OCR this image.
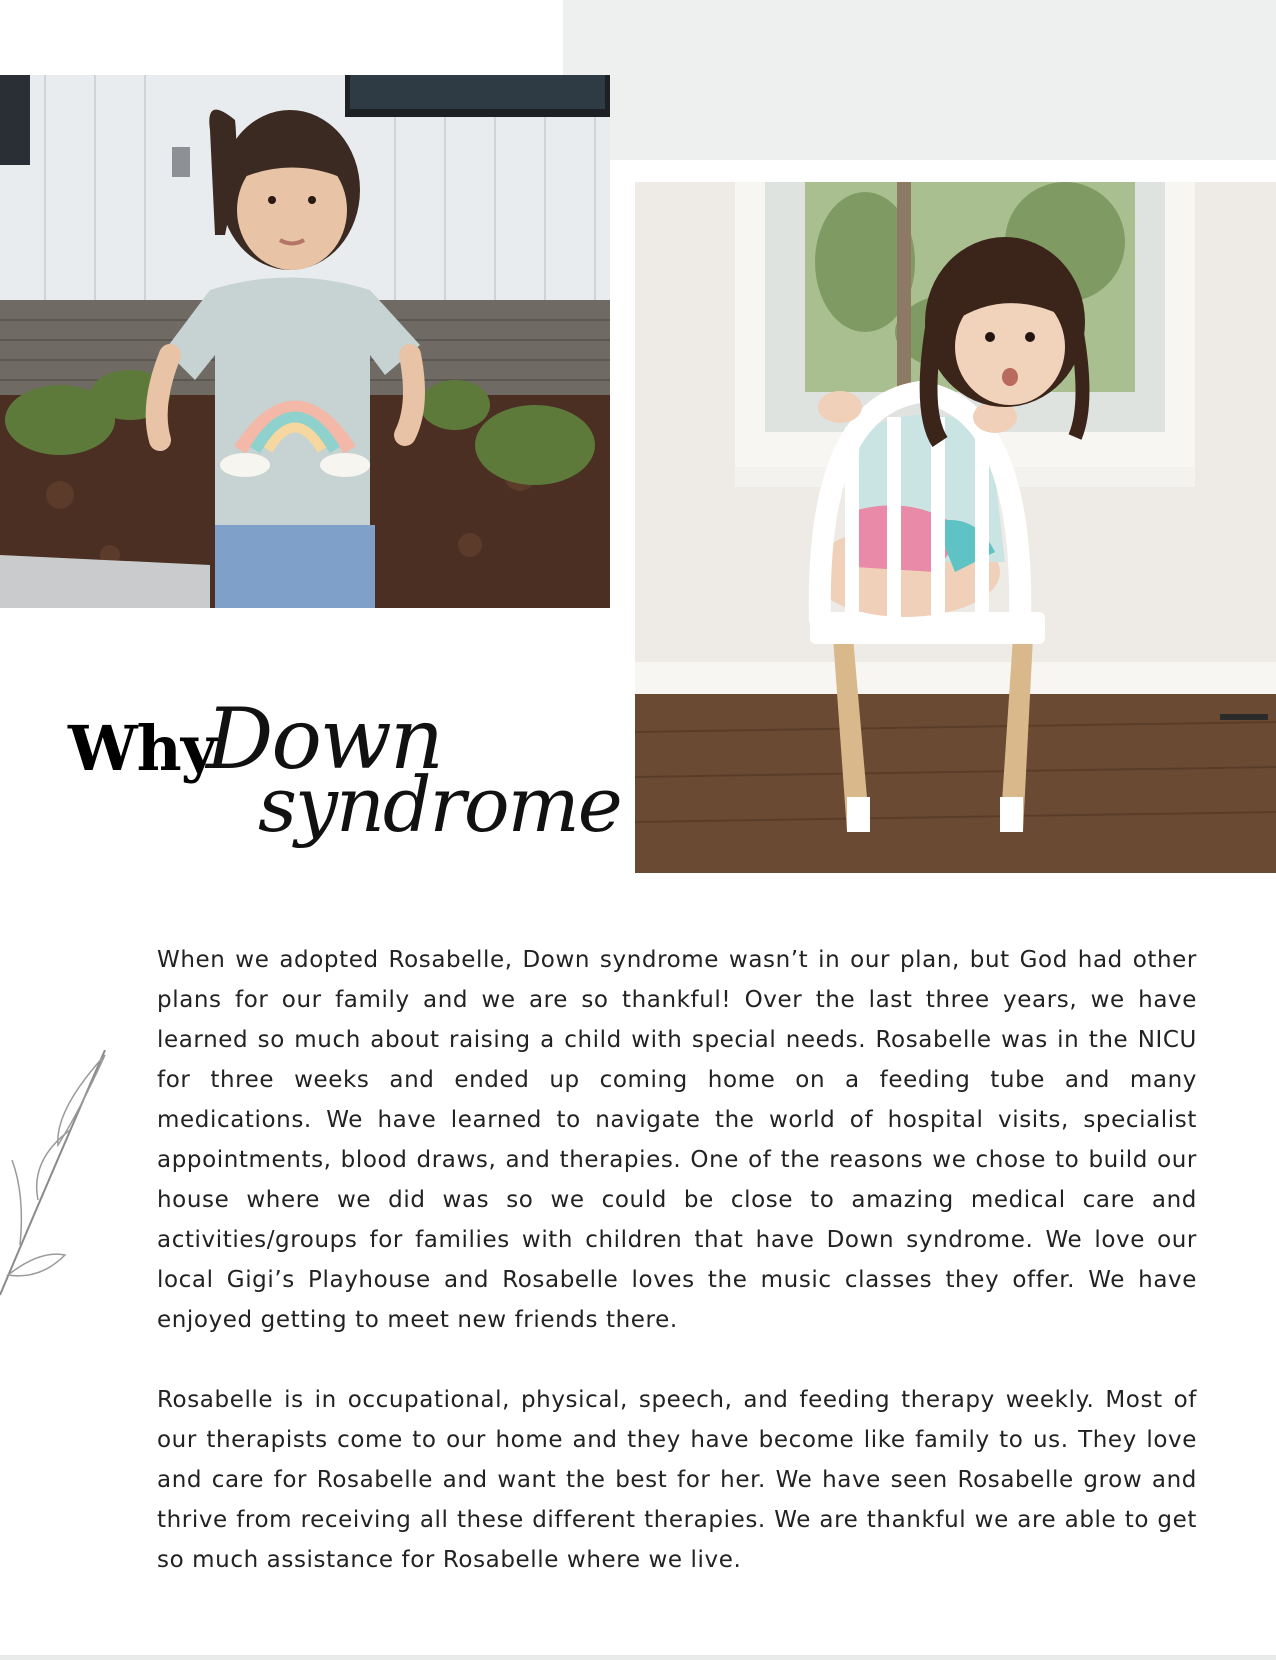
Why
Down
syndrome

When we adopted Rosabelle, Down syndrome wasn’t in our plan, but God had other plans for our family and we are so thankful! Over the last three years, we have learned so much about raising a child with special needs. Rosabelle was in the NICU for three weeks and ended up coming home on a feeding tube and many medications. We have learned to navigate the world of hospital visits, specialist appointments, blood draws, and therapies. One of the reasons we chose to build our house where we did was so we could be close to amazing medical care and activities/groups for families with children that have Down syndrome. We love our local Gigi’s Playhouse and Rosabelle loves the music classes they offer. We have enjoyed getting to meet new friends there.

Rosabelle is in occupational, physical, speech, and feeding therapy weekly. Most of our therapists come to our home and they have become like family to us. They love and care for Rosabelle and want the best for her. We have seen Rosabelle grow and thrive from receiving all these different therapies. We are thankful we are able to get so much assistance for Rosabelle where we live.
